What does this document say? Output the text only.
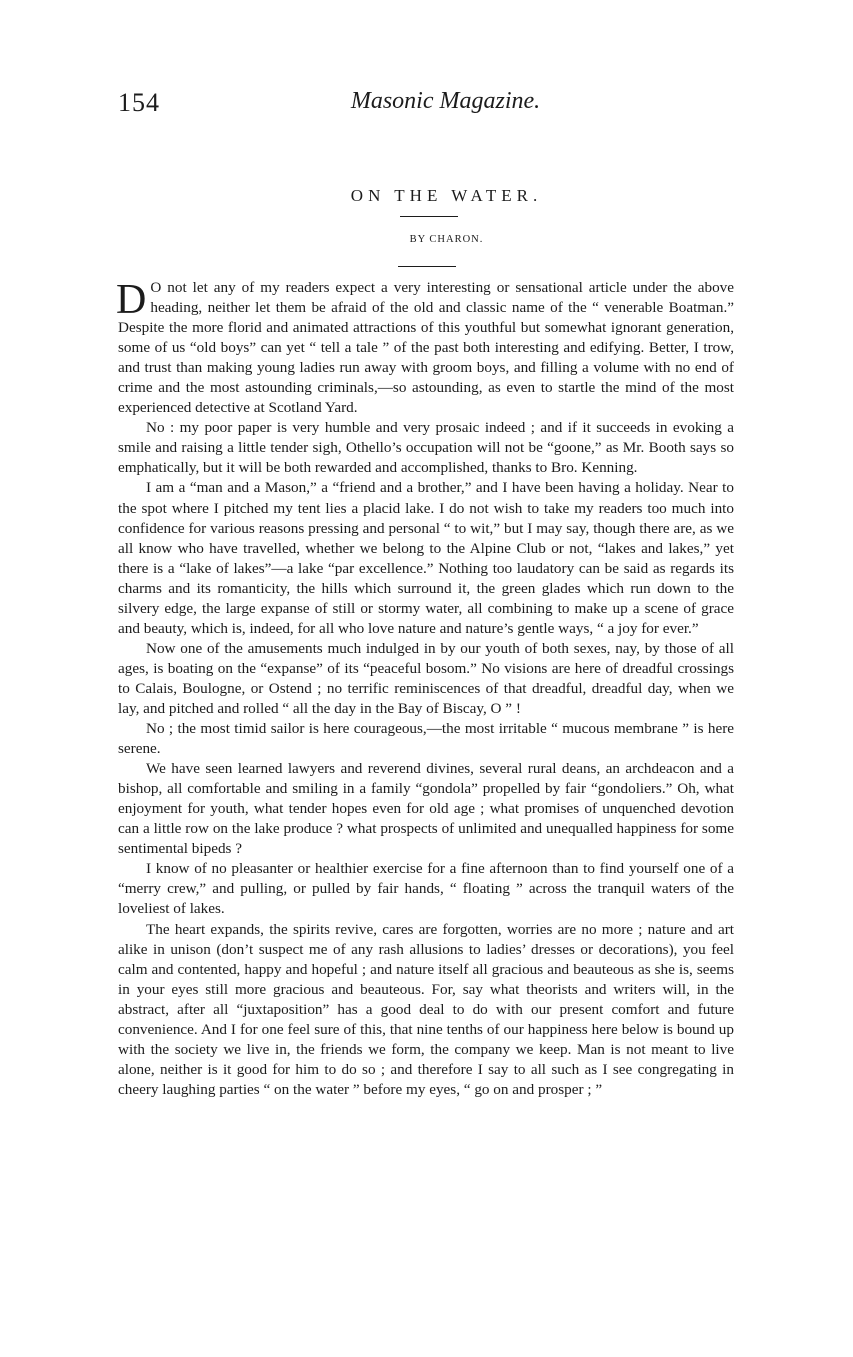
154	Masonic Magazine.
ON THE WATER.
BY CHARON.

D O not let any of my readers expect a very interesting or sensational article under the above heading, neither let them be afraid of the old and classic name of the “ venerable Boatman.” Despite the more florid and animated attractions of this youthful but somewhat ignorant generation, some of us “old boys” can yet “ tell a tale ” of the past both interesting and edifying. Better, I trow, and trust than making young ladies run away with groom boys, and filling a volume with no end of crime and the most astounding criminals,—so astounding, as even to startle the mind of the most experienced detective at Scotland Yard.

No : my poor paper is very humble and very prosaic indeed ; and if it succeeds in evoking a smile and raising a little tender sigh, Othello’s occupation will not be “goone,” as Mr. Booth says so emphatically, but it will be both rewarded and accomplished, thanks to Bro. Kenning.

I am a “man and a Mason,” a “friend and a brother,” and I have been having a holiday. Near to the spot where I pitched my tent lies a placid lake. I do not wish to take my readers too much into confidence for various reasons pressing and personal “ to wit,” but I may say, though there are, as we all know who have travelled, whether we belong to the Alpine Club or not, “lakes and lakes,” yet there is a “lake of lakes”—a lake “par excellence.” Nothing too laudatory can be said as regards its charms and its romanticity, the hills which surround it, the green glades which run down to the silvery edge, the large expanse of still or stormy water, all combining to make up a scene of grace and beauty, which is, indeed, for all who love nature and nature’s gentle ways, “ a joy for ever.”

Now one of the amusements much indulged in by our youth of both sexes, nay, by those of all ages, is boating on the “expanse” of its “peaceful bosom.” No visions are here of dreadful crossings to Calais, Boulogne, or Ostend ; no terrific reminiscences of that dreadful, dreadful day, when we lay, and pitched and rolled “ all the day in the Bay of Biscay, O ” !

No ; the most timid sailor is here courageous,—the most irritable “ mucous membrane ” is here serene.

We have seen learned lawyers and reverend divines, several rural deans, an archdeacon and a bishop, all comfortable and smiling in a family “gondola” propelled by fair “gondoliers.” Oh, what enjoyment for youth, what tender hopes even for old age ; what promises of unquenched devotion can a little row on the lake produce ? what prospects of unlimited and unequalled happiness for some sentimental bipeds ?

I know of no pleasanter or healthier exercise for a fine afternoon than to find yourself one of a “merry crew,” and pulling, or pulled by fair hands, “ floating ” across the tranquil waters of the loveliest of lakes.

The heart expands, the spirits revive, cares are forgotten, worries are no more ; nature and art alike in unison (don’t suspect me of any rash allusions to ladies’ dresses or decorations), you feel calm and contented, happy and hopeful ; and nature itself all gracious and beauteous as she is, seems in your eyes still more gracious and beauteous. For, say what theorists and writers will, in the abstract, after all “juxtaposition” has a good deal to do with our present comfort and future convenience. And I for one feel sure of this, that nine tenths of our happiness here below is bound up with the society we live in, the friends we form, the company we keep. Man is not meant to live alone, neither is it good for him to do so ; and therefore I say to all such as I see congregating in cheery laughing parties “ on the water ” before my eyes, “ go on and prosper ; ”
